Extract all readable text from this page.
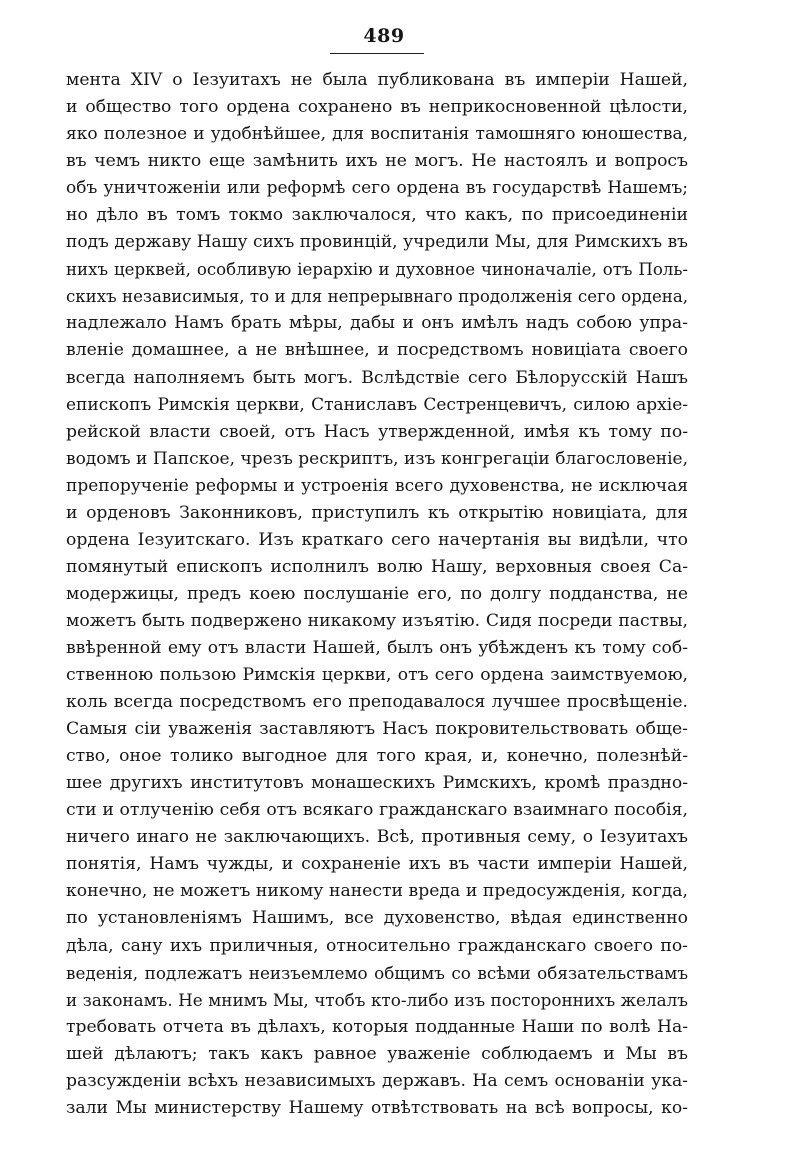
489
мента XIV о Iезуитахъ не была публикована въ имперiи Нашей,
и общество того ордена сохранено въ неприкосновенной цѣлости,
яко полезное и удобнѣйшее, для воспитанiя тамошняго юношества,
въ чемъ никто еще замѣнить ихъ не могъ. Не настоялъ и вопросъ
объ уничтоженiи или реформѣ сего ордена въ государствѣ Нашемъ;
но дѣло въ томъ токмо заключалося, что какъ, по присоединенiи
подъ державу Нашу сихъ провинцiй, учредили Мы, для Римскихъ въ
нихъ церквей, особливую iерархiю и духовное чиноначалiе, отъ Поль-
скихъ независимыя, то и для непрерывнаго продолженiя сего ордена,
надлежало Намъ брать мѣры, дабы и онъ имѣлъ надъ собою упра-
вленiе домашнее, а не внѣшнее, и посредствомъ новицiата своего
всегда наполняемъ быть могъ. Вслѣдствiе сего Бѣлорусскiй Нашъ
епископъ Римскiя церкви, Станиславъ Сестренцевичъ, силою архiе-
рейской власти своей, отъ Насъ утвержденной, имѣя къ тому по-
водомъ и Папское, чрезъ рескриптъ, изъ конгрегацiи благословенiе,
препорученiе реформы и устроенiя всего духовенства, не исключая
и орденовъ Законниковъ, приступилъ къ открытiю новицiата, для
ордена Iезуитскаго. Изъ краткаго сего начертанiя вы видѣли, что
помянутый епископъ исполнилъ волю Нашу, верховныя своея Са-
модержицы, предъ коею послушанiе его, по долгу подданства, не
можетъ быть подвержено никакому изъятiю. Сидя посреди паствы,
ввѣренной ему отъ власти Нашей, былъ онъ убѣжденъ къ тому соб-
ственною пользою Римскiя церкви, отъ сего ордена заимствуемою,
коль всегда посредствомъ его преподавалося лучшее просвѣщенiе.
Самыя сiи уваженiя заставляютъ Насъ покровительствовать обще-
ство, оное толико выгодное для того края, и, конечно, полезнѣй-
шее другихъ институтовъ монашескихъ Римскихъ, кромѣ праздно-
сти и отлученiю себя отъ всякаго гражданскаго взаимнаго пособiя,
ничего инаго не заключающихъ. Всѣ, противныя сему, о Iезуитахъ
понятiя, Намъ чужды, и сохраненiе ихъ въ части имперiи Нашей,
конечно, не можетъ никому нанести вреда и предосужденiя, когда,
по установленiямъ Нашимъ, все духовенство, вѣдая единственно
дѣла, сану ихъ приличныя, относительно гражданскаго своего по-
веденiя, подлежатъ неизъемлемо общимъ со всѣми обязательствамъ
и законамъ. Не мнимъ Мы, чтобъ кто-либо изъ постороннихъ желалъ
требовать отчета въ дѣлахъ, которыя подданные Наши по волѣ На-
шей дѣлаютъ; такъ какъ равное уваженiе соблюдаемъ и Мы въ
разсужденiи всѣхъ независимыхъ державъ. На семъ основанiи ука-
зали Мы министерству Нашему отвѣтствовать на всѣ вопросы, ко-
